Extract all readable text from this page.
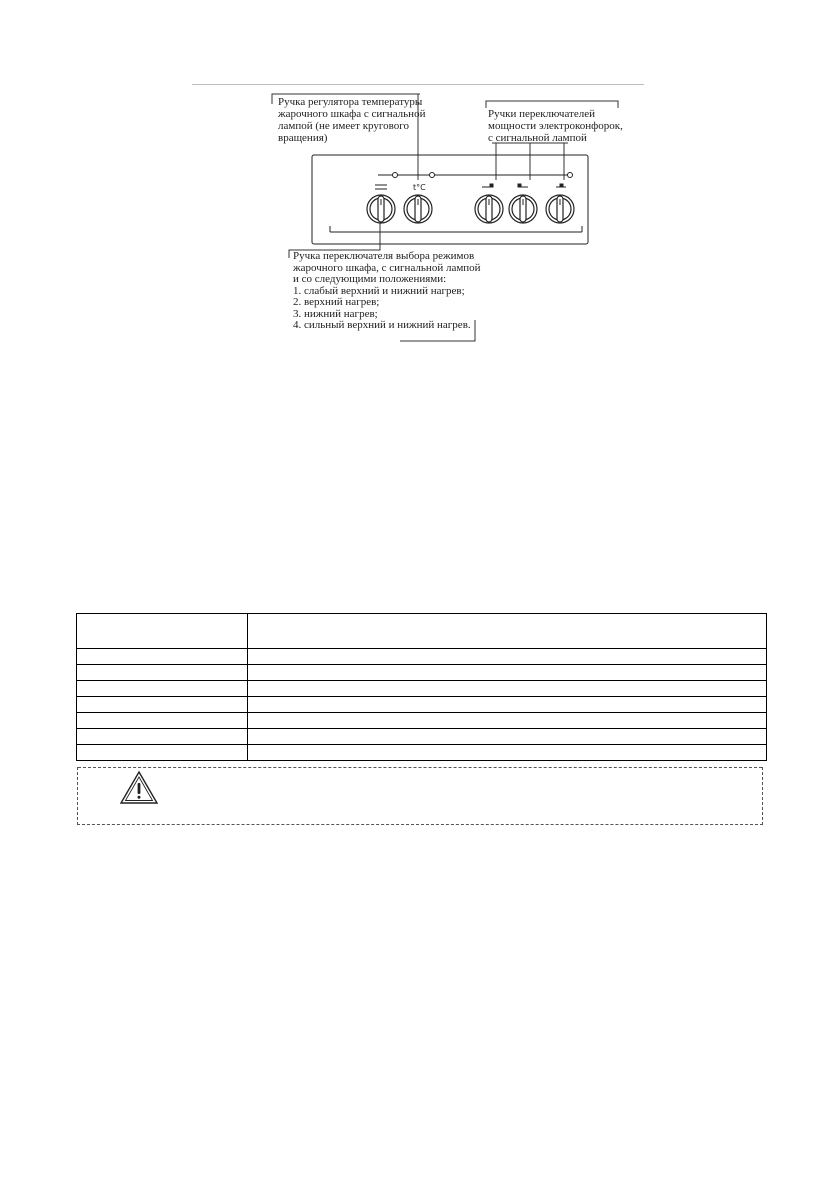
t°C
Ручка регулятора температуры
жарочного шкафа с сигнальной
лампой (не имеет кругового
вращения)
Ручки переключателей
мощности электроконфорок,
с сигнальной лампой
Ручка переключателя выбора режимов
жарочного шкафа, с сигнальной лампой
и со следующими положениями:
1. слабый верхний и нижний нагрев;
2. верхний нагрев;
3. нижний нагрев;
4. сильный верхний и нижний нагрев.
